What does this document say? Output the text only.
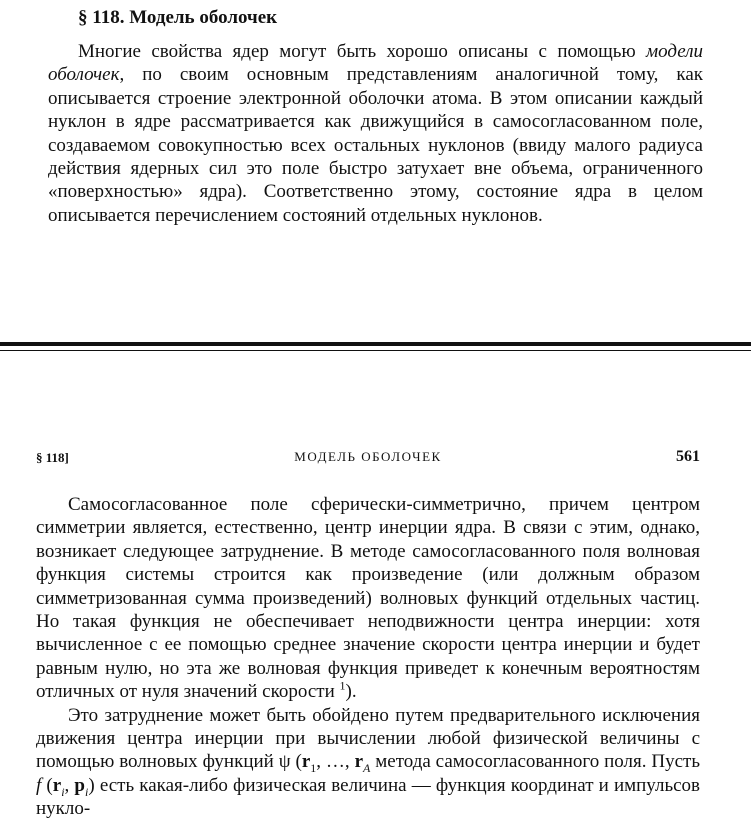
§ 118. Модель оболочек

Многие свойства ядер могут быть хорошо описаны с помощью модели оболочек, по своим основным представлениям аналогичной тому, как описывается строение электронной оболочки атома. В этом описании каждый нуклон в ядре рассматривается как движущийся в самосогласованном поле, создаваемом совокупностью всех остальных нуклонов (ввиду малого радиуса действия ядерных сил это поле быстро затухает вне объема, ограниченного «поверхностью» ядра). Соответственно этому, состояние ядра в целом описывается перечислением состояний отдельных нуклонов.

§ 118]	МОДЕЛЬ ОБОЛОЧЕК	561

Самосогласованное поле сферически-симметрично, причем центром симметрии является, естественно, центр инерции ядра. В связи с этим, однако, возникает следующее затруднение. В методе самосогласованного поля волновая функция системы строится как произведение (или должным образом симметризованная сумма произведений) волновых функций отдельных частиц. Но такая функция не обеспечивает неподвижности центра инерции: хотя вычисленное с ее помощью среднее значение скорости центра инерции и будет равным нулю, но эта же волновая функция приведет к конечным вероятностям отличных от нуля значений скорости $^1$).

Это затруднение может быть обойдено путем предварительного исключения движения центра инерции при вычислении любой физической величины с помощью волновых функций ψ ($r_1$, …, $r_A$ метода самосогласованного поля. Пусть f ($r_i$, $p_i$) есть какая-либо физическая величина — функция координат и импульсов нукло-
